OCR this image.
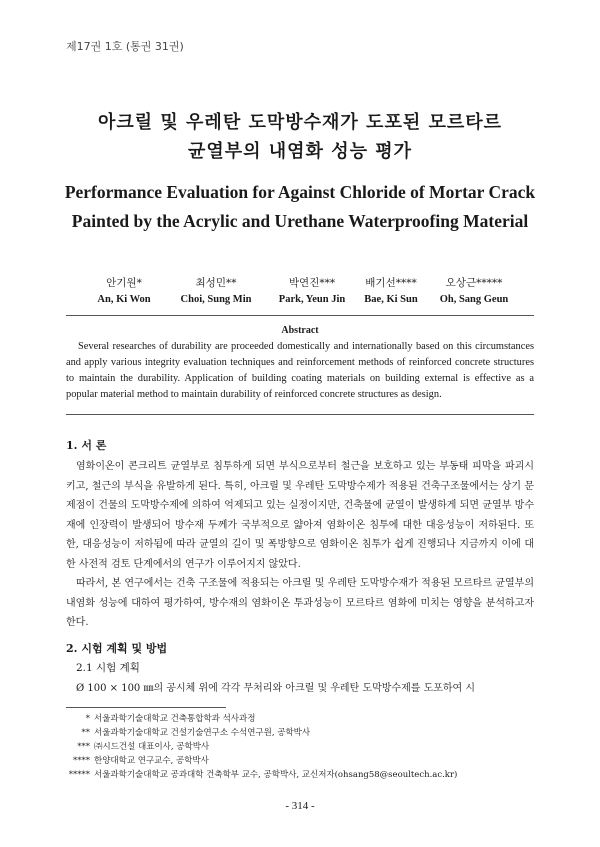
제17권 1호 (통권 31권)
아크릴 및 우레탄 도막방수재가 도포된 모르타르
균열부의 내염화 성능 평가
Performance Evaluation for Against Chloride of Mortar Crack Painted by the Acrylic and Urethane Waterproofing Material
안기원*
An, Ki Won
최성민**
Choi, Sung Min
박연진***
Park, Yeun Jin
배기선****
Bae, Ki Sun
오상근*****
Oh, Sang Geun
Abstract
Several researches of durability are proceeded domestically and internationally based on this circumstances and apply various integrity evaluation techniques and reinforcement methods of reinforced concrete structures to maintain the durability. Application of building coating materials on building external is effective as a popular material method to maintain durability of reinforced concrete structures as design.
1. 서 론
염화이온이 콘크리트 균열부로 침투하게 되면 부식으로부터 철근을 보호하고 있는 부동태 피막을 파괴시키고, 철근의 부식을 유발하게 된다. 특히, 아크릴 및 우레탄 도막방수제가 적용된 건축구조물에서는 상기 문제점이 건물의 도막방수제에 의하여 억제되고 있는 실정이지만, 건축물에 균열이 발생하게 되면 균열부 방수재에 인장력이 발생되어 방수재 두께가 국부적으로 얇아져 염화이온 침투에 대한 대응성능이 저하된다. 또한, 대응성능이 저하됨에 따라 균열의 길이 및 폭방향으로 염화이온 침투가 쉽게 진행되나 지금까지 이에 대한 사전적 검토 단계에서의 연구가 이루어지지 않았다.
따라서, 본 연구에서는 건축 구조물에 적용되는 아크릴 및 우레탄 도막방수재가 적용된 모르타르 균열부의 내염화 성능에 대하여 평가하여, 방수재의 염화이온 투과성능이 모르타르 염화에 미치는 영향을 분석하고자 한다.
2. 시험 계획 및 방법
2.1 시험 계획
Ø 100 × 100 ㎜의 공시체 위에 각각 무처리와 아크릴 및 우레탄 도막방수제를 도포하여 시
* 서울과학기술대학교 건축통합학과 석사과정
** 서울과학기술대학교 건설기술연구소 수석연구원, 공학박사
*** ㈜시드건설 대표이사, 공학박사
**** 한양대학교 연구교수, 공학박사
***** 서울과학기술대학교 공과대학 건축학부 교수, 공학박사, 교신저자(ohsang58@seoultech.ac.kr)
- 314 -
